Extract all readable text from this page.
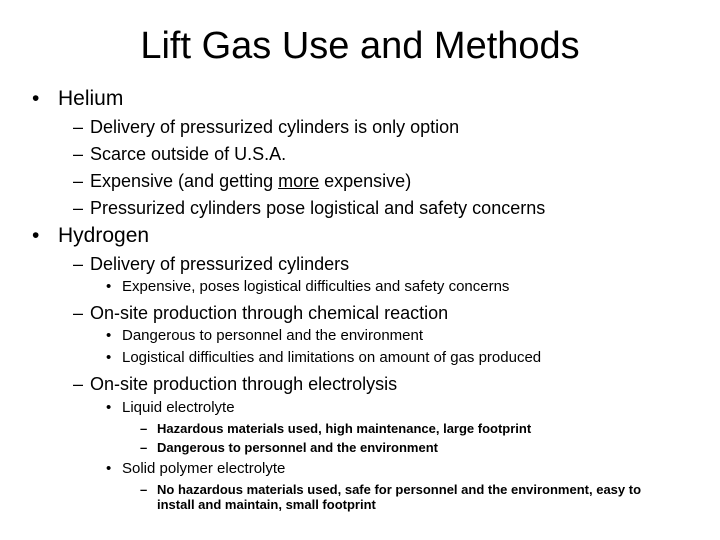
Lift Gas Use and Methods
• Helium
– Delivery of pressurized cylinders is only option
– Scarce outside of U.S.A.
– Expensive (and getting more expensive)
– Pressurized cylinders pose logistical and safety concerns
• Hydrogen
– Delivery of pressurized cylinders
• Expensive, poses logistical difficulties and safety concerns
– On-site production through chemical reaction
• Dangerous to personnel and the environment
• Logistical difficulties and limitations on amount of gas produced
– On-site production through electrolysis
• Liquid electrolyte
– Hazardous materials used, high maintenance, large footprint
– Dangerous to personnel and the environment
• Solid polymer electrolyte
– No hazardous materials used, safe for personnel and the environment, easy to
install and maintain, small footprint
